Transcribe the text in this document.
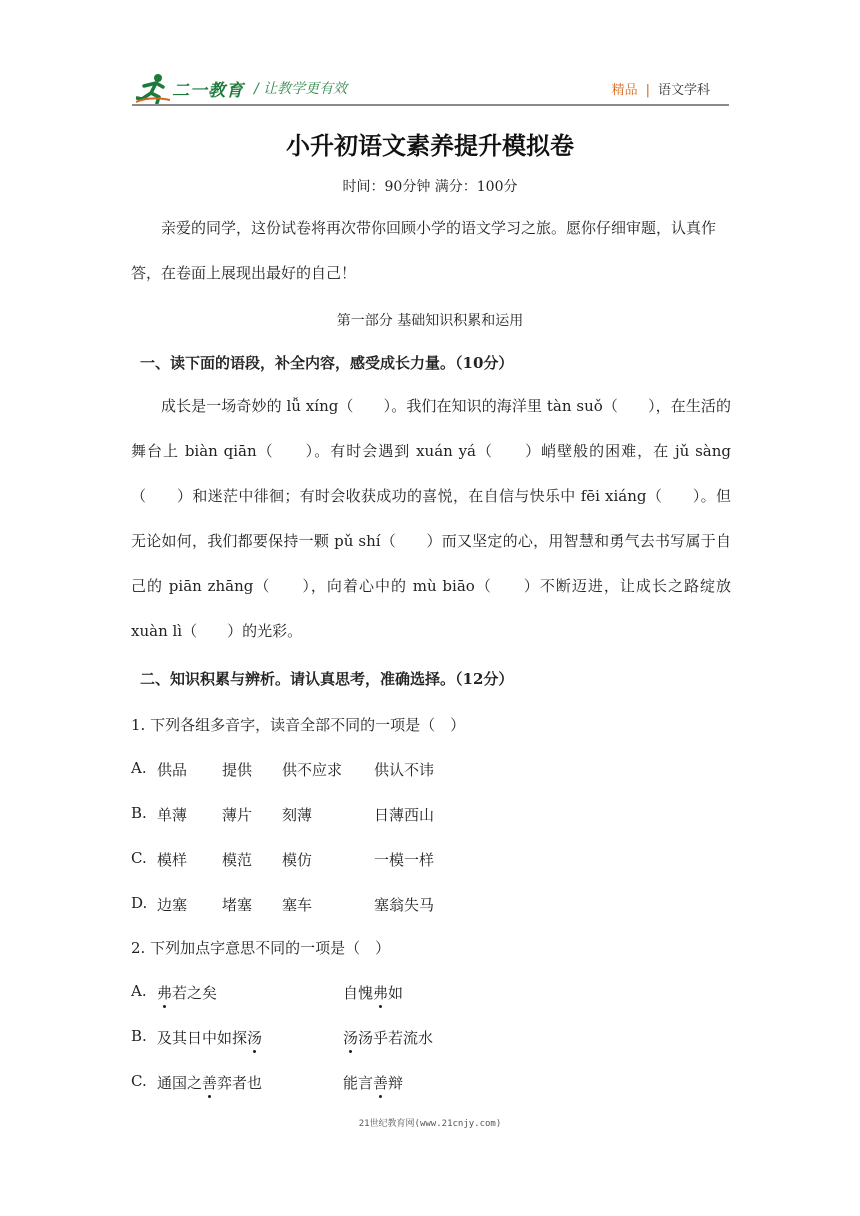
二一教育 / 让教学更有效	精品 | 语文学科
小升初语文素养提升模拟卷
时间：90分钟 满分：100分
亲爱的同学，这份试卷将再次带你回顾小学的语文学习之旅。愿你仔细审题，认真作答，在卷面上展现出最好的自己！
第一部分 基础知识积累和运用
一、读下面的语段，补全内容，感受成长力量。（10分）
成长是一场奇妙的 lǚ xíng（　　）。我们在知识的海洋里 tàn suǒ（　　），在生活的舞台上 biàn qiān（　　）。有时会遇到 xuán yá（　　）峭壁般的困难，在 jǔ sàng（　　）和迷茫中徘徊；有时会收获成功的喜悦，在自信与快乐中 fēi xiáng（　　）。但无论如何，我们都要保持一颗 pǔ shí（　　）而又坚定的心，用智慧和勇气去书写属于自己的 piān zhāng（　　），向着心中的 mù biāo（　　）不断迈进，让成长之路绽放 xuàn lì（　　）的光彩。
二、知识积累与辨析。请认真思考，准确选择。（12分）
1. 下列各组多音字，读音全部不同的一项是（　）
A. 供品 提供 供不应求 供认不讳
B. 单薄 薄片 刻薄	日薄西山
C. 模样 模范 模仿	一模一样
D. 边塞 堵塞 塞车	塞翁失马
2. 下列加点字意思不同的一项是（　）
A. 弗若之矣	自愧弗如
B. 及其日中如探汤	汤汤乎若流水
C. 通国之善弈者也	能言善辩
21世纪教育网(www.21cnjy.com)
